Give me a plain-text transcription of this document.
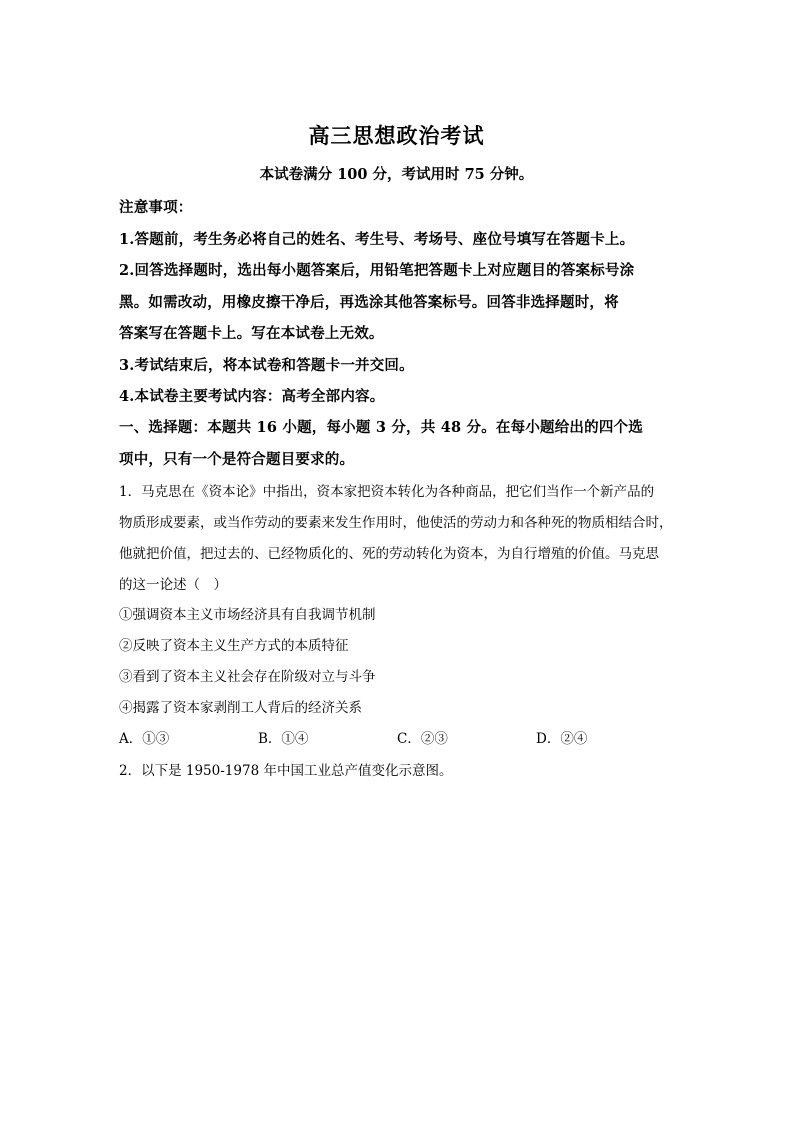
高三思想政治考试
本试卷满分 100 分，考试用时 75 分钟。
注意事项：
1.答题前，考生务必将自己的姓名、考生号、考场号、座位号填写在答题卡上。
2.回答选择题时，选出每小题答案后，用铅笔把答题卡上对应题目的答案标号涂
黑。如需改动，用橡皮擦干净后，再选涂其他答案标号。回答非选择题时，将
答案写在答题卡上。写在本试卷上无效。
3.考试结束后，将本试卷和答题卡一并交回。
4.本试卷主要考试内容：高考全部内容。
一、选择题：本题共 16 小题，每小题 3 分，共 48 分。在每小题给出的四个选
项中，只有一个是符合题目要求的。
1．马克思在《资本论》中指出，资本家把资本转化为各种商品，把它们当作一个新产品的
物质形成要素，或当作劳动的要素来发生作用时，他使活的劳动力和各种死的物质相结合时，
他就把价值，把过去的、已经物质化的、死的劳动转化为资本，为自行增殖的价值。马克思
的这一论述（　）
①强调资本主义市场经济具有自我调节机制
②反映了资本主义生产方式的本质特征
③看到了资本主义社会存在阶级对立与斗争
④揭露了资本家剥削工人背后的经济关系
A．①③	B．①④	C．②③	D．②④
2．以下是 1950-1978 年中国工业总产值变化示意图。
